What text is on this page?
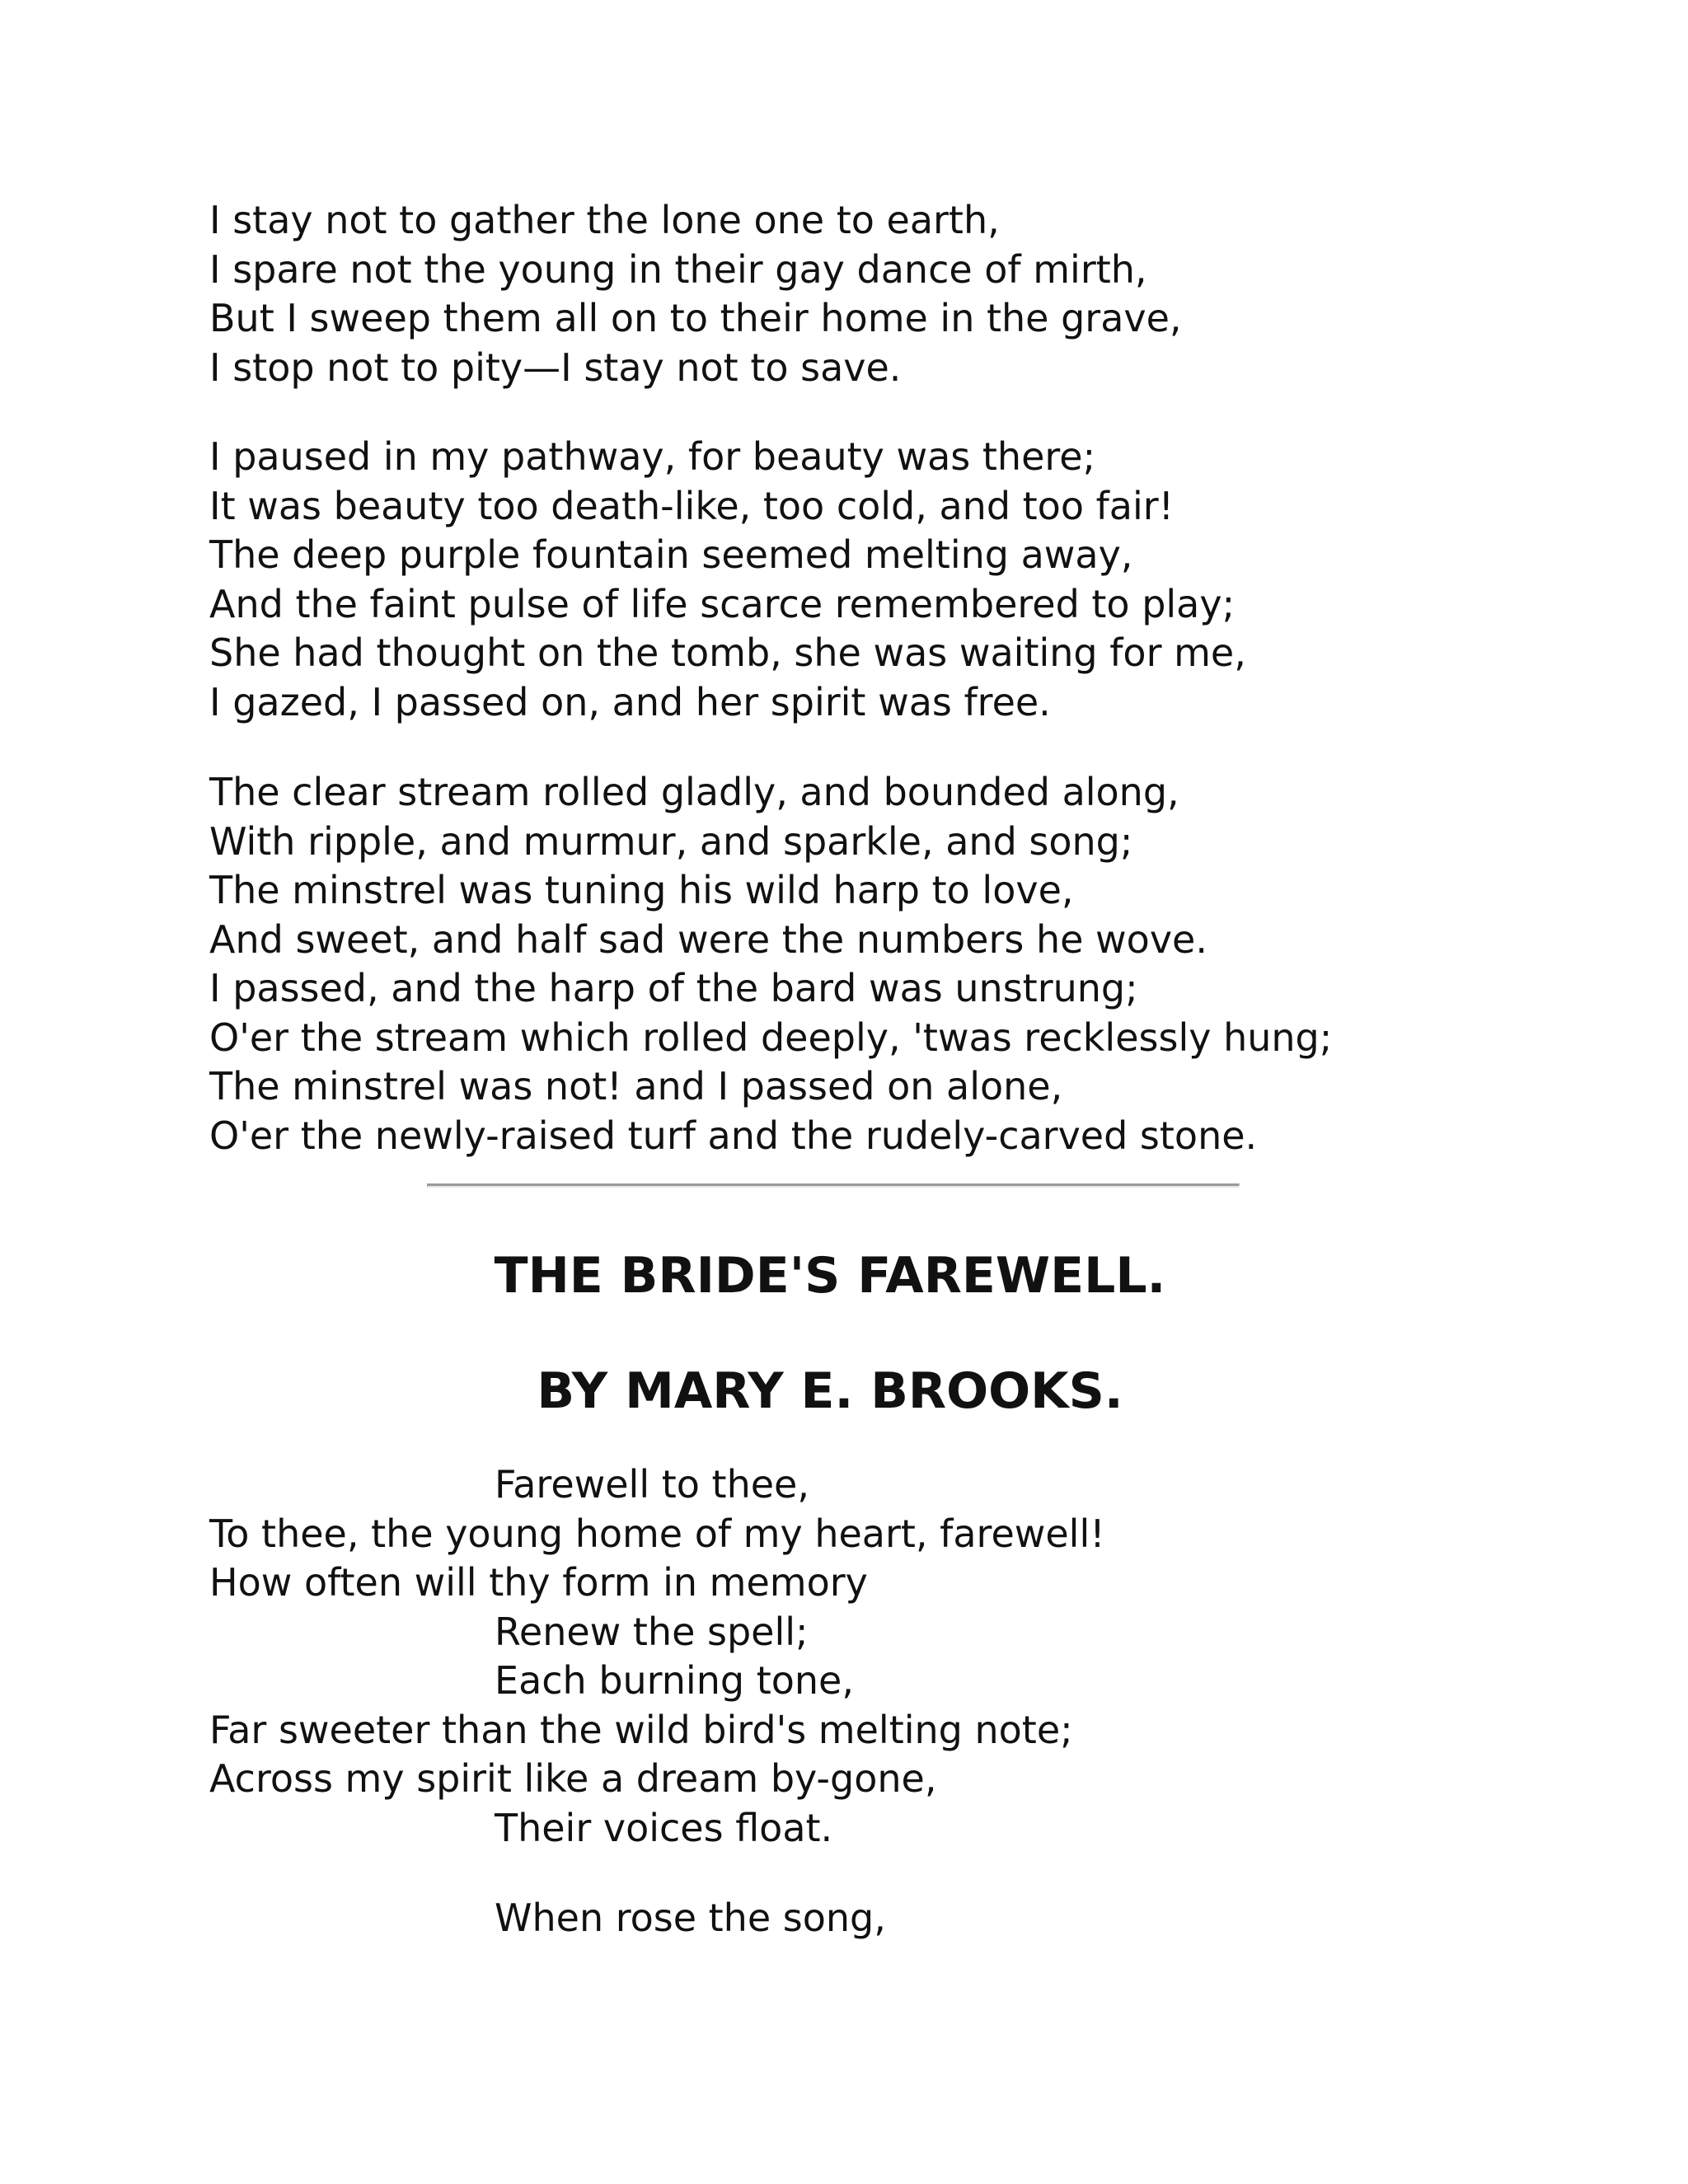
I stay not to gather the lone one to earth,
I spare not the young in their gay dance of mirth,
But I sweep them all on to their home in the grave,
I stop not to pity—I stay not to save.
I paused in my pathway, for beauty was there;
It was beauty too death-like, too cold, and too fair!
The deep purple fountain seemed melting away,
And the faint pulse of life scarce remembered to play;
She had thought on the tomb, she was waiting for me,
I gazed, I passed on, and her spirit was free.
The clear stream rolled gladly, and bounded along,
With ripple, and murmur, and sparkle, and song;
The minstrel was tuning his wild harp to love,
And sweet, and half sad were the numbers he wove.
I passed, and the harp of the bard was unstrung;
O'er the stream which rolled deeply, 'twas recklessly hung;
The minstrel was not! and I passed on alone,
O'er the newly-raised turf and the rudely-carved stone.
THE BRIDE'S FAREWELL.
BY MARY E. BROOKS.
Farewell to thee,
To thee, the young home of my heart, farewell!
How often will thy form in memory
Renew the spell;
Each burning tone,
Far sweeter than the wild bird's melting note;
Across my spirit like a dream by-gone,
Their voices float.
When rose the song,
